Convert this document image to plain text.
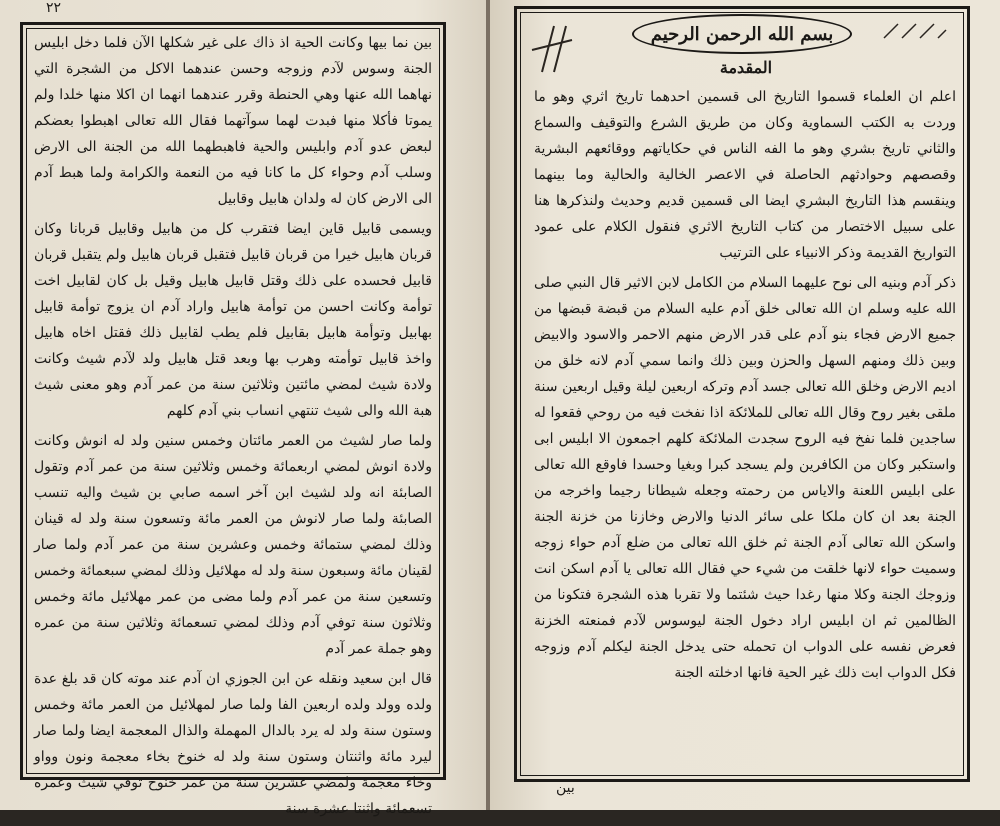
٢٢

بين نما بيها وكانت الحية اذ ذاك على غير شكلها الآن فلما دخل ابليس الجنة وسوس لآدم وزوجه وحسن عندهما الاكل من الشجرة التي نهاهما الله عنها وهي الحنطة وقرر عندهما انهما ان اكلا منها خلدا ولم يموتا فأكلا منها فبدت لهما سوآتهما فقال الله تعالى اهبطوا بعضكم لبعض عدو آدم وابليس والحية فاهبطهما الله من الجنة الى الارض وسلب آدم وحواء كل ما كانا فيه من النعمة والكرامة ولما هبط آدم الى الارض كان له ولدان هابيل وقابيل

ويسمى قابيل قاين ايضا فتقرب كل من هابيل وقابيل قربانا وكان قربان هابيل خيرا من قربان قابيل فتقبل قربان هابيل ولم يتقبل قربان قابيل فحسده على ذلك وقتل قابيل هابيل وقيل بل كان لقابيل اخت توأمة وكانت احسن من توأمة هابيل واراد آدم ان يزوج توأمة قابيل بهابيل وتوأمة هابيل بقابيل فلم يطب لقابيل ذلك فقتل اخاه هابيل واخذ قابيل توأمته وهرب بها وبعد قتل هابيل ولد لآدم شيث وكانت ولادة شيث لمضي مائتين وثلاثين سنة من عمر آدم وهو معنى شيث هبة الله والى شيث تنتهي انساب بني آدم كلهم

ولما صار لشيث من العمر مائتان وخمس سنين ولد له انوش وكانت ولادة انوش لمضي اربعمائة وخمس وثلاثين سنة من عمر آدم وتقول الصابئة انه ولد لشيث ابن آخر اسمه صابي بن شيث واليه تنسب الصابئة ولما صار لانوش من العمر مائة وتسعون سنة ولد له قينان وذلك لمضي ستمائة وخمس وعشرين سنة من عمر آدم ولما صار لقينان مائة وسبعون سنة ولد له مهلائيل وذلك لمضي سبعمائة وخمس وتسعين سنة من عمر آدم ولما مضى من عمر مهلائيل مائة وخمس وثلاثون سنة توفي آدم وذلك لمضي تسعمائة وثلاثين سنة من عمره وهو جملة عمر آدم

قال ابن سعيد ونقله عن ابن الجوزي ان آدم عند موته كان قد بلغ عدة ولده وولد ولده اربعين الفا ولما صار لمهلائيل من العمر مائة وخمس وستون سنة ولد له يرد بالدال المهملة والذال المعجمة ايضا ولما صار ليرد مائة واثنتان وستون سنة ولد له خنوخ بخاء معجمة ونون وواو وخاء معجمة ولمضي عشرين سنة من عمر خنوخ توفي شيث وعمره تسعمائة واثنتا عشرة سنة

بسم الله الرحمن الرحيم
المقدمة

اعلم ان العلماء قسموا التاريخ الى قسمين احدهما تاريخ اثري وهو ما وردت به الكتب السماوية وكان من طريق الشرع والتوقيف والسماع والثاني تاريخ بشري وهو ما الفه الناس في حكاياتهم ووقائعهم البشرية وقصصهم وحوادثهم الحاصلة في الاعصر الخالية والحالية وما بينهما وينقسم هذا التاريخ البشري ايضا الى قسمين قديم وحديث ولنذكرها هنا على سبيل الاختصار من كتاب التاريخ الاثري فنقول الكلام على عمود التواريخ القديمة وذكر الانبياء على الترتيب

ذكر آدم وبنيه الى نوح عليهما السلام من الكامل لابن الاثير قال النبي صلى الله عليه وسلم ان الله تعالى خلق آدم عليه السلام من قبضة قبضها من جميع الارض فجاء بنو آدم على قدر الارض منهم الاحمر والاسود والابيض وبين ذلك ومنهم السهل والحزن وبين ذلك وانما سمي آدم لانه خلق من اديم الارض وخلق الله تعالى جسد آدم وتركه اربعين ليلة وقيل اربعين سنة ملقى بغير روح وقال الله تعالى للملائكة اذا نفخت فيه من روحي فقعوا له ساجدين فلما نفخ فيه الروح سجدت الملائكة كلهم اجمعون الا ابليس ابى واستكبر وكان من الكافرين ولم يسجد كبرا وبغيا وحسدا فاوقع الله تعالى على ابليس اللعنة والاياس من رحمته وجعله شيطانا رجيما واخرجه من الجنة بعد ان كان ملكا على سائر الدنيا والارض وخازنا من خزنة الجنة واسكن الله تعالى آدم الجنة ثم خلق الله تعالى من ضلع آدم حواء زوجه وسميت حواء لانها خلقت من شيء حي فقال الله تعالى يا آدم اسكن انت وزوجك الجنة وكلا منها رغدا حيث شئتما ولا تقربا هذه الشجرة فتكونا من الظالمين ثم ان ابليس اراد دخول الجنة ليوسوس لآدم فمنعته الخزنة فعرض نفسه على الدواب ان تحمله حتى يدخل الجنة ليكلم آدم وزوجه فكل الدواب ابت ذلك غير الحية فانها ادخلته الجنة

بين
